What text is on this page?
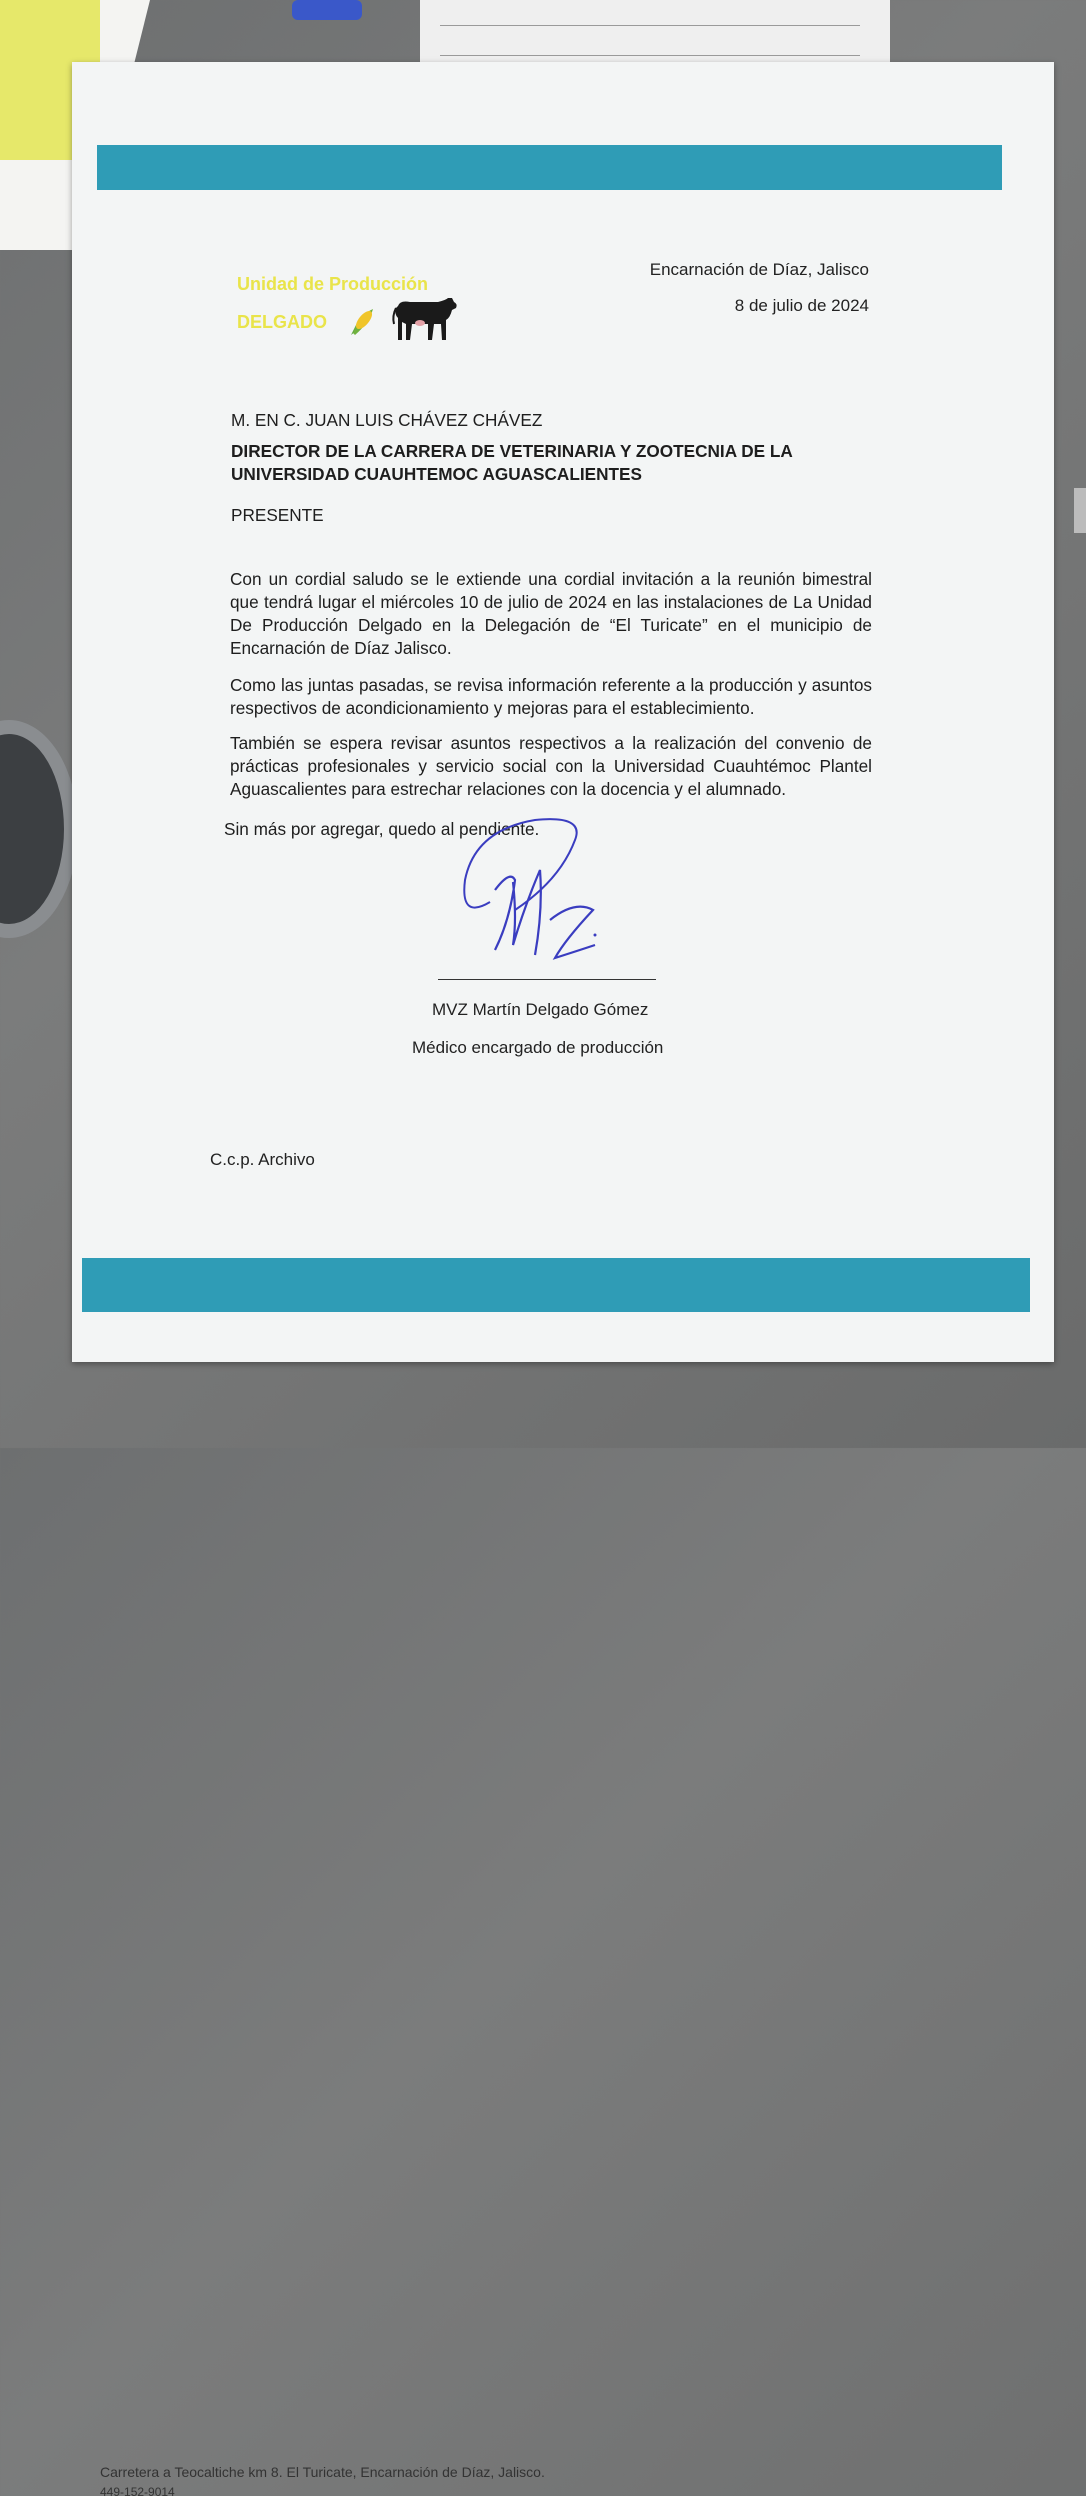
Unidad de Producción
DELGADO
Encarnación de Díaz, Jalisco
8 de julio de 2024
M. EN C. JUAN LUIS CHÁVEZ CHÁVEZ
DIRECTOR DE LA CARRERA DE VETERINARIA Y ZOOTECNIA DE LA UNIVERSIDAD CUAUHTEMOC AGUASCALIENTES
PRESENTE
Con un cordial saludo se le extiende una cordial invitación a la reunión bimestral que tendrá lugar el miércoles 10 de julio de 2024 en las instalaciones de La Unidad De Producción Delgado en la Delegación de “El Turicate” en el municipio de Encarnación de Díaz Jalisco.
Como las juntas pasadas, se revisa información referente a la producción y asuntos respectivos de acondicionamiento y mejoras para el establecimiento.
También se espera revisar asuntos respectivos a la realización del convenio de prácticas profesionales y servicio social con la Universidad Cuauhtémoc Plantel Aguascalientes para estrechar relaciones con la docencia y el alumnado.
Sin más por agregar, quedo al pendiente.
MVZ Martín Delgado Gómez
Médico encargado de producción
C.c.p. Archivo
Carretera a Teocaltiche km 8. El Turicate, Encarnación de Díaz, Jalisco.
449-152-9014
